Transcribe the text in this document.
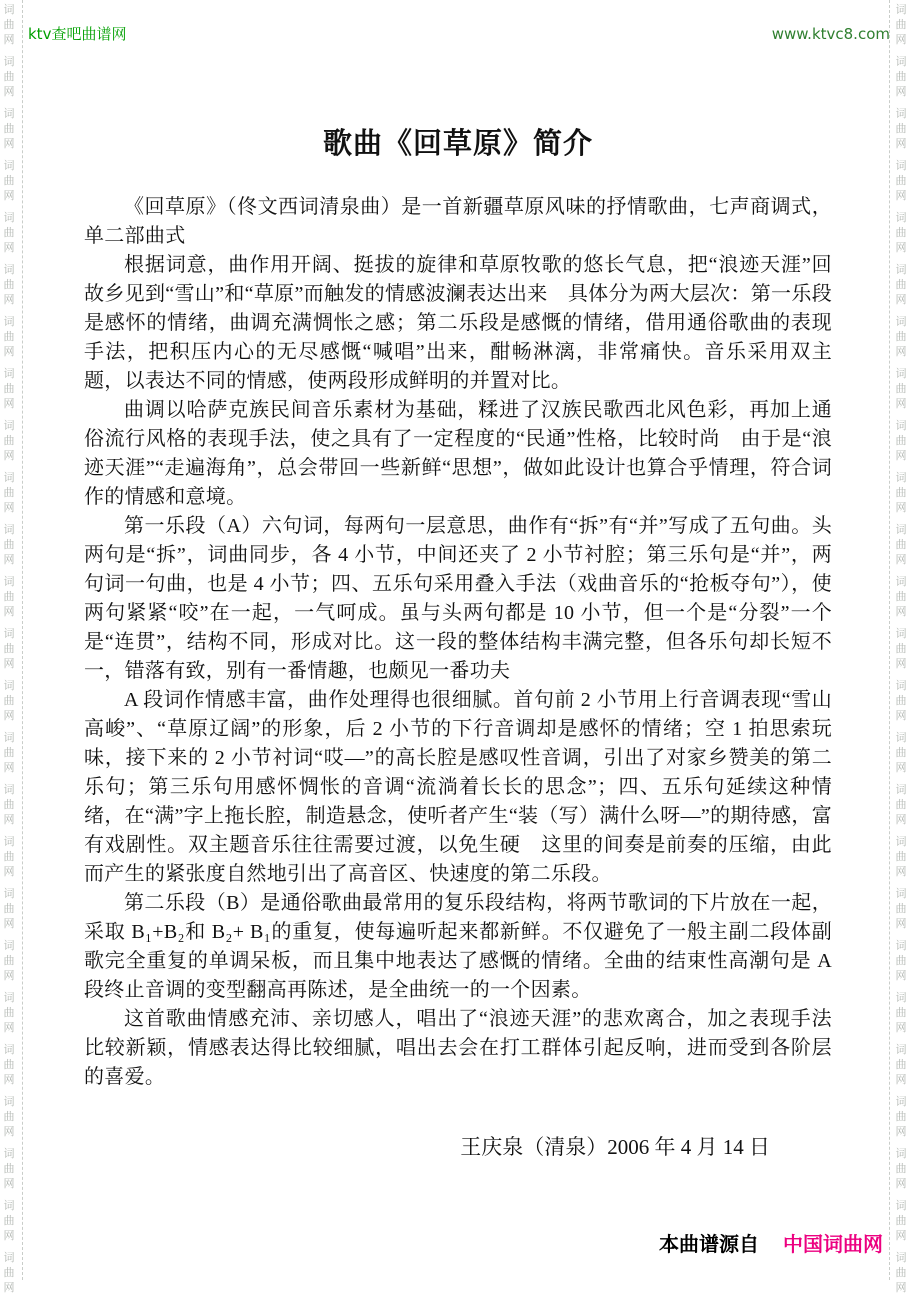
词
曲
网
词
曲
网
词
曲
网
词
曲
网
词
曲
网
词
曲
网
词
曲
网
词
曲
网
词
曲
网
词
曲
网
词
曲
网
词
曲
网
词
曲
网
词
曲
网
词
曲
网
词
曲
网
词
曲
网
词
曲
网
词
曲
网
词
曲
网
词
曲
网
词
曲
网
词
曲
网
词
曲
网
词
曲
网
词
曲
网
词
曲
网
词
曲
网
词
曲
网
词
曲
网
词
曲
网
词
曲
网
词
曲
网
词
曲
网
词
曲
网
词
曲
网
词
曲
网
词
曲
网
词
曲
网
词
曲
网
词
曲
网
词
曲
网
词
曲
网
词
曲
网
词
曲
网
词
曲
网
词
曲
网
词
曲
网
词
曲
网
词
曲
网
ktv查吧曲谱网	www.ktvc8.com
歌曲《回草原》简介

《回草原》（佟文西词清泉曲）是一首新疆草原风味的抒情歌曲，七声商调式，单二部曲式

根据词意，曲作用开阔、挺拔的旋律和草原牧歌的悠长气息，把“浪迹天涯”回故乡见到“雪山”和“草原”而触发的情感波澜表达出来　具体分为两大层次：第一乐段是感怀的情绪，曲调充满惆怅之感；第二乐段是感慨的情绪，借用通俗歌曲的表现手法，把积压内心的无尽感慨“喊唱”出来，酣畅淋漓，非常痛快。音乐采用双主题，以表达不同的情感，使两段形成鲜明的并置对比。

曲调以哈萨克族民间音乐素材为基础，糅进了汉族民歌西北风色彩，再加上通俗流行风格的表现手法，使之具有了一定程度的“民通”性格，比较时尚　由于是“浪迹天涯”“走遍海角”，总会带回一些新鲜“思想”，做如此设计也算合乎情理，符合词作的情感和意境。

第一乐段（A）六句词，每两句一层意思，曲作有“拆”有“并”写成了五句曲。头两句是“拆”，词曲同步，各 4 小节，中间还夹了 2 小节衬腔；第三乐句是“并”，两句词一句曲，也是 4 小节；四、五乐句采用叠入手法（戏曲音乐的“抢板夺句”），使两句紧紧“咬”在一起，一气呵成。虽与头两句都是 10 小节，但一个是“分裂”一个是“连贯”，结构不同，形成对比。这一段的整体结构丰满完整，但各乐句却长短不一，错落有致，别有一番情趣，也颇见一番功夫

A 段词作情感丰富，曲作处理得也很细腻。首句前 2 小节用上行音调表现“雪山高峻”、“草原辽阔”的形象，后 2 小节的下行音调却是感怀的情绪；空 1 拍思索玩味，接下来的 2 小节衬词“哎—”的高长腔是感叹性音调，引出了对家乡赞美的第二乐句；第三乐句用感怀惆怅的音调“流淌着长长的思念”；四、五乐句延续这种情绪，在“满”字上拖长腔，制造悬念，使听者产生“装（写）满什么呀—”的期待感，富有戏剧性。双主题音乐往往需要过渡，以免生硬　这里的间奏是前奏的压缩，由此而产生的紧张度自然地引出了高音区、快速度的第二乐段。

第二乐段（B）是通俗歌曲最常用的复乐段结构，将两节歌词的下片放在一起，采取 B₁+B₂和 B₂+ B₁的重复，使每遍听起来都新鲜。不仅避免了一般主副二段体副歌完全重复的单调呆板，而且集中地表达了感慨的情绪。全曲的结束性高潮句是 A 段终止音调的变型翻高再陈述，是全曲统一的一个因素。

这首歌曲情感充沛、亲切感人，唱出了“浪迹天涯”的悲欢离合，加之表现手法比较新颖，情感表达得比较细腻，唱出去会在打工群体引起反响，进而受到各阶层的喜爱。

王庆泉（清泉）2006 年 4 月 14 日
本曲谱源自 中国词曲网
